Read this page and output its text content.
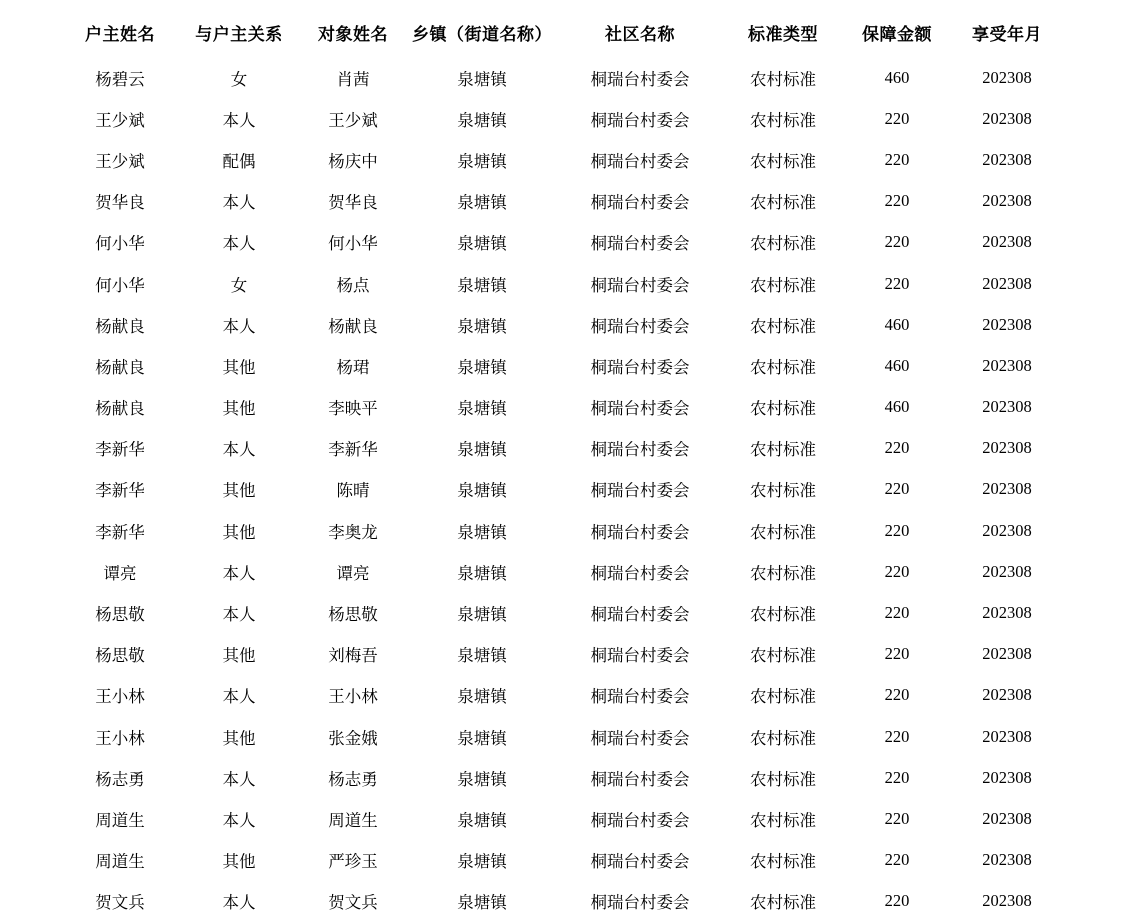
户主姓名	与户主关系	对象姓名	乡镇（街道名称）	社区名称	标准类型	保障金额	享受年月
杨碧云	女	肖茜	泉塘镇	桐瑞台村委会	农村标准	460	202308
王少斌	本人	王少斌	泉塘镇	桐瑞台村委会	农村标准	220	202308
王少斌	配偶	杨庆中	泉塘镇	桐瑞台村委会	农村标准	220	202308
贺华良	本人	贺华良	泉塘镇	桐瑞台村委会	农村标准	220	202308
何小华	本人	何小华	泉塘镇	桐瑞台村委会	农村标准	220	202308
何小华	女	杨点	泉塘镇	桐瑞台村委会	农村标准	220	202308
杨献良	本人	杨献良	泉塘镇	桐瑞台村委会	农村标准	460	202308
杨献良	其他	杨珺	泉塘镇	桐瑞台村委会	农村标准	460	202308
杨献良	其他	李映平	泉塘镇	桐瑞台村委会	农村标准	460	202308
李新华	本人	李新华	泉塘镇	桐瑞台村委会	农村标准	220	202308
李新华	其他	陈晴	泉塘镇	桐瑞台村委会	农村标准	220	202308
李新华	其他	李奥龙	泉塘镇	桐瑞台村委会	农村标准	220	202308
谭亮	本人	谭亮	泉塘镇	桐瑞台村委会	农村标准	220	202308
杨思敬	本人	杨思敬	泉塘镇	桐瑞台村委会	农村标准	220	202308
杨思敬	其他	刘梅吾	泉塘镇	桐瑞台村委会	农村标准	220	202308
王小林	本人	王小林	泉塘镇	桐瑞台村委会	农村标准	220	202308
王小林	其他	张金娥	泉塘镇	桐瑞台村委会	农村标准	220	202308
杨志勇	本人	杨志勇	泉塘镇	桐瑞台村委会	农村标准	220	202308
周道生	本人	周道生	泉塘镇	桐瑞台村委会	农村标准	220	202308
周道生	其他	严珍玉	泉塘镇	桐瑞台村委会	农村标准	220	202308
贺文兵	本人	贺文兵	泉塘镇	桐瑞台村委会	农村标准	220	202308
